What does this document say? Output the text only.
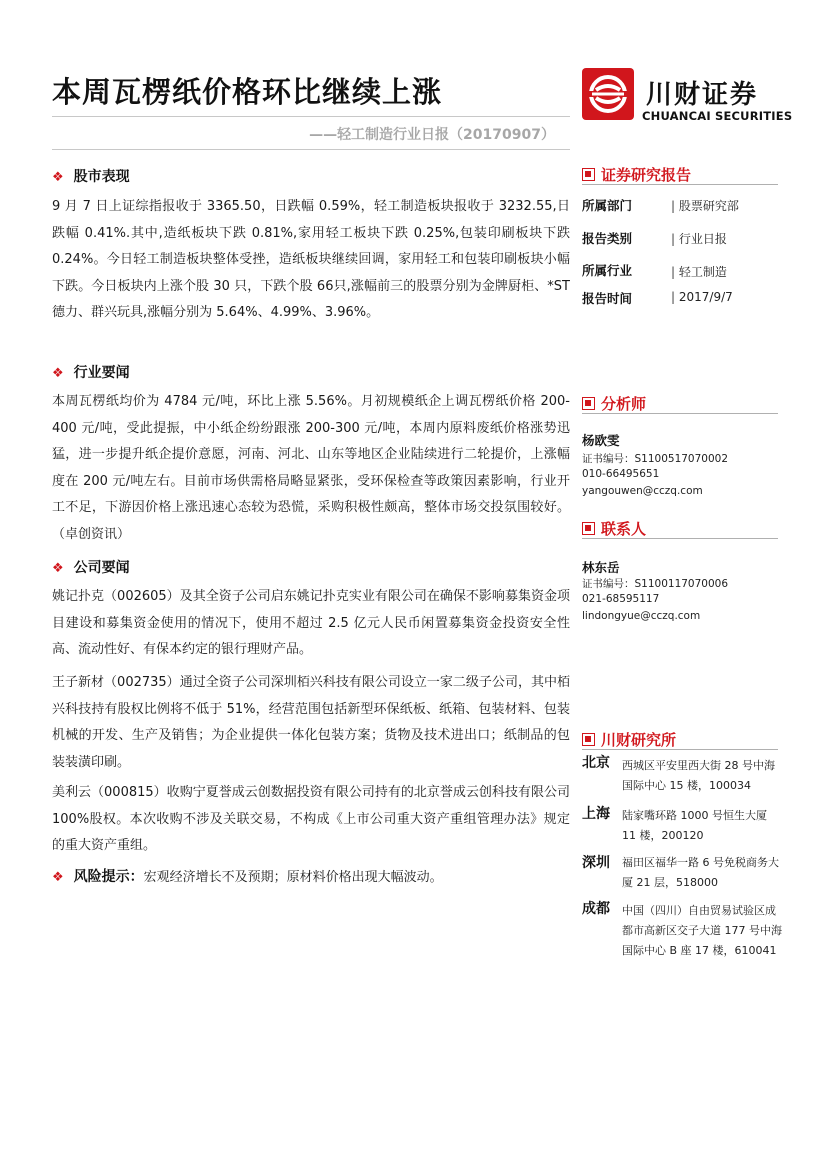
本周瓦楞纸价格环比继续上涨
——轻工制造行业日报（20170907）
川财证券
CHUANCAI SECURITIES
❖ 股市表现
9 月 7 日上证综指报收于 3365.50，日跌幅 0.59%，轻工制造板块报收于 3232.55,日跌幅 0.41%.其中,造纸板块下跌 0.81%,家用轻工板块下跌 0.25%,包装印刷板块下跌 0.24%。今日轻工制造板块整体受挫，造纸板块继续回调，家用轻工和包装印刷板块小幅下跌。今日板块内上涨个股 30 只，下跌个股 66只,涨幅前三的股票分别为金牌厨柜、*ST 德力、群兴玩具,涨幅分别为 5.64%、4.99%、3.96%。
❖ 行业要闻
本周瓦楞纸均价为 4784 元/吨，环比上涨 5.56%。月初规模纸企上调瓦楞纸价格 200-400 元/吨，受此提振，中小纸企纷纷跟涨 200-300 元/吨，本周内原料废纸价格涨势迅猛，进一步提升纸企提价意愿，河南、河北、山东等地区企业陆续进行二轮提价，上涨幅度在 200 元/吨左右。目前市场供需格局略显紧张，受环保检查等政策因素影响，行业开工不足，下游因价格上涨迅速心态较为恐慌，采购积极性颇高，整体市场交投氛围较好。（卓创资讯）
❖ 公司要闻
姚记扑克（002605）及其全资子公司启东姚记扑克实业有限公司在确保不影响募集资金项目建设和募集资金使用的情况下，使用不超过 2.5 亿元人民币闲置募集资金投资安全性高、流动性好、有保本约定的银行理财产品。
王子新材（002735）通过全资子公司深圳栢兴科技有限公司设立一家二级子公司，其中栢兴科技持有股权比例将不低于 51%，经营范围包括新型环保纸板、纸箱、包装材料、包装机械的开发、生产及销售；为企业提供一体化包装方案；货物及技术进出口；纸制品的包装装潢印刷。
美利云（000815）收购宁夏誉成云创数据投资有限公司持有的北京誉成云创科技有限公司100%股权。本次收购不涉及关联交易，不构成《上市公司重大资产重组管理办法》规定的重大资产重组。
❖ 风险提示：宏观经济增长不及预期；原材料价格出现大幅波动。
证券研究报告
所属部门	| 股票研究部
报告类别	| 行业日报
所属行业	| 轻工制造
报告时间	| 2017/9/7
分析师
杨欧雯
证书编号：S1100517070002
010-66495651
yangouwen@cczq.com
联系人
林东岳
证书编号：S1100117070006
021-68595117
lindongyue@cczq.com
川财研究所
北京 西城区平安里西大街 28 号中海国际中心 15 楼，100034
上海 陆家嘴环路 1000 号恒生大厦 11 楼，200120
深圳 福田区福华一路 6 号免税商务大厦 21 层，518000
成都 中国（四川）自由贸易试验区成都市高新区交子大道 177 号中海国际中心 B 座 17 楼，610041
